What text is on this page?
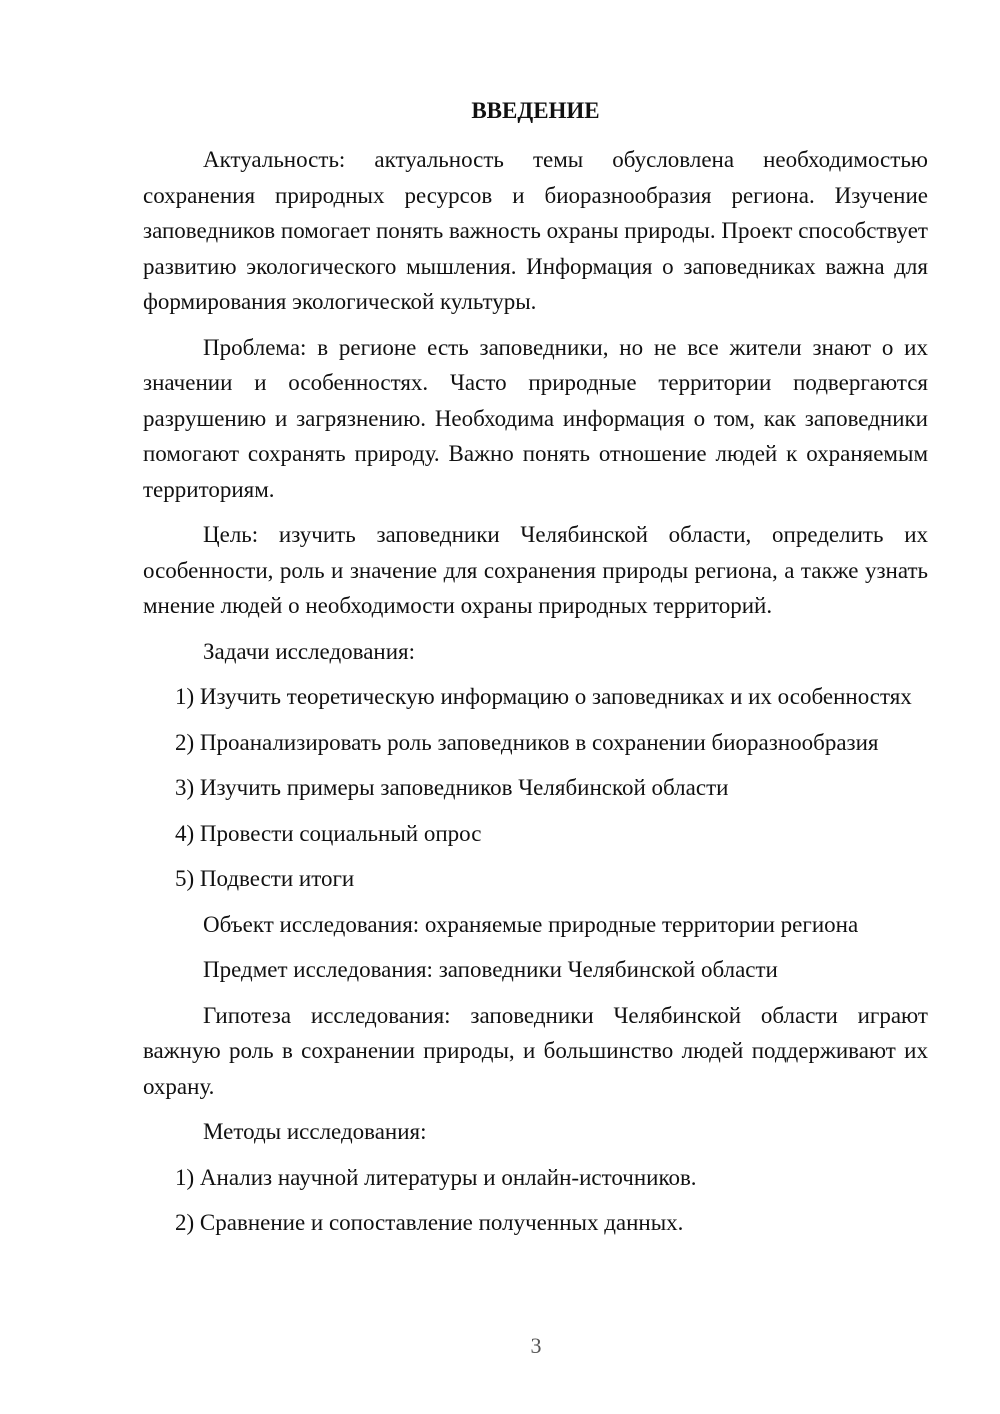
ВВЕДЕНИЕ

Актуальность: актуальность темы обусловлена необходимостью сохранения природных ресурсов и биоразнообразия региона. Изучение заповедников помогает понять важность охраны природы. Проект способствует развитию экологического мышления. Информация о заповедниках важна для формирования экологической культуры.

Проблема: в регионе есть заповедники, но не все жители знают о их значении и особенностях. Часто природные территории подвергаются разрушению и загрязнению. Необходима информация о том, как заповедники помогают сохранять природу. Важно понять отношение людей к охраняемым территориям.

Цель: изучить заповедники Челябинской области, определить их особенности, роль и значение для сохранения природы региона, а также узнать мнение людей о необходимости охраны природных территорий.

Задачи исследования:

1) Изучить теоретическую информацию о заповедниках и их особенностях

2) Проанализировать роль заповедников в сохранении биоразнообразия

3) Изучить примеры заповедников Челябинской области

4) Провести социальный опрос

5) Подвести итоги

Объект исследования: охраняемые природные территории региона

Предмет исследования: заповедники Челябинской области

Гипотеза исследования: заповедники Челябинской области играют важную роль в сохранении природы, и большинство людей поддерживают их охрану.

Методы исследования:

1) Анализ научной литературы и онлайн-источников.

2) Сравнение и сопоставление полученных данных.

3
